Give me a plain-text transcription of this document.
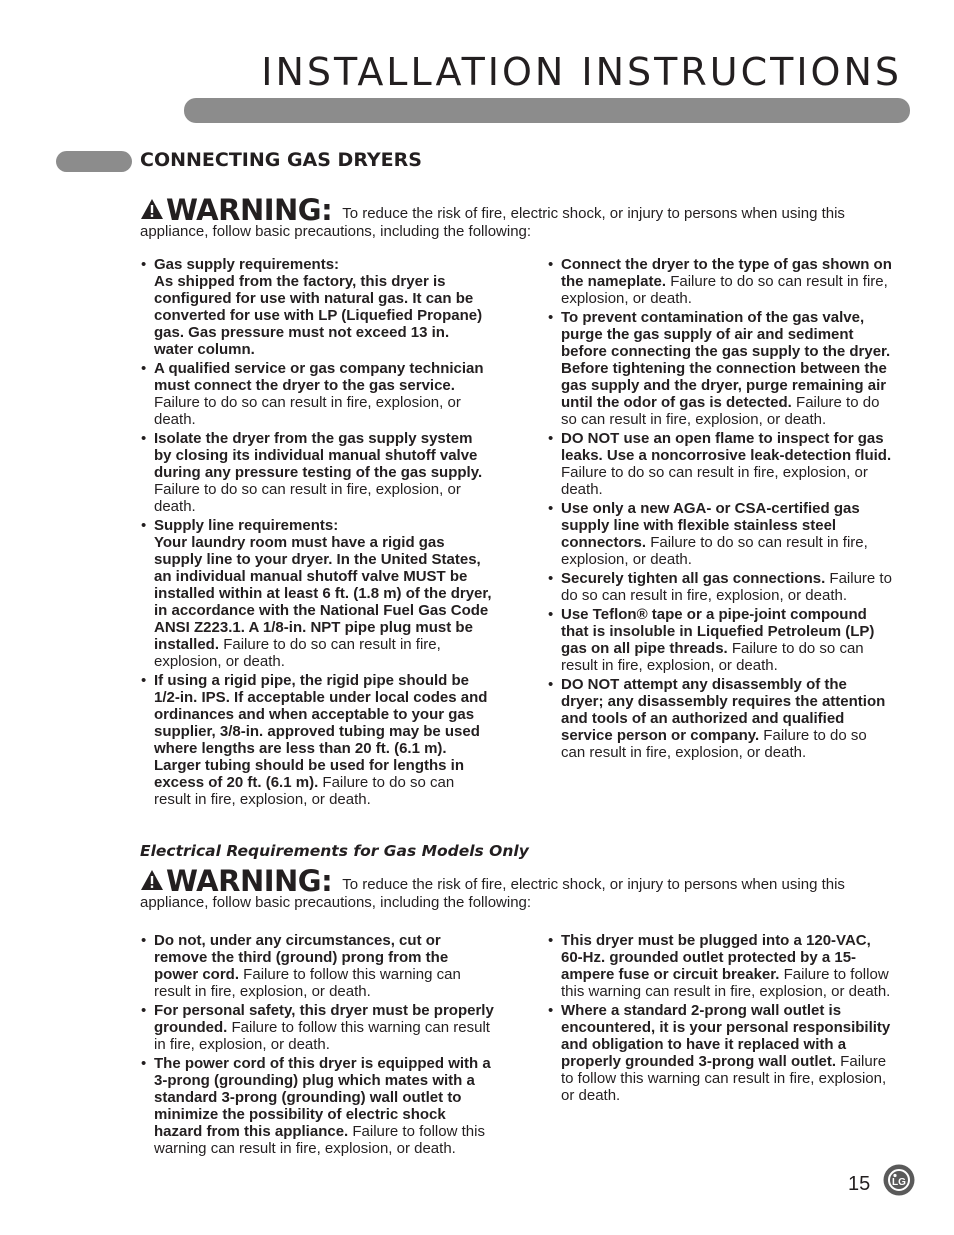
INSTALLATION INSTRUCTIONS
CONNECTING GAS DRYERS
WARNING: To reduce the risk of fire, electric shock, or injury to persons when using this
appliance, follow basic precautions, including the following:
• Gas supply requirements:
As shipped from the factory, this dryer is configured for use with natural gas. It can be converted for use with LP (Liquefied Propane) gas. Gas pressure must not exceed 13 in. water column.
• A qualified service or gas company technician must connect the dryer to the gas service. Failure to do so can result in fire, explosion, or death.
• Isolate the dryer from the gas supply system by closing its individual manual shutoff valve during any pressure testing of the gas supply. Failure to do so can result in fire, explosion, or death.
• Supply line requirements:
Your laundry room must have a rigid gas supply line to your dryer. In the United States, an individual manual shutoff valve MUST be installed within at least 6 ft. (1.8 m) of the dryer, in accordance with the National Fuel Gas Code ANSI Z223.1. A 1/8-in. NPT pipe plug must be installed. Failure to do so can result in fire, explosion, or death.
• If using a rigid pipe, the rigid pipe should be 1/2-in. IPS. If acceptable under local codes and ordinances and when acceptable to your gas supplier, 3/8-in. approved tubing may be used where lengths are less than 20 ft. (6.1 m). Larger tubing should be used for lengths in excess of 20 ft. (6.1 m). Failure to do so can result in fire, explosion, or death.
• Connect the dryer to the type of gas shown on the nameplate. Failure to do so can result in fire, explosion, or death.
• To prevent contamination of the gas valve, purge the gas supply of air and sediment before connecting the gas supply to the dryer. Before tightening the connection between the gas supply and the dryer, purge remaining air until the odor of gas is detected. Failure to do so can result in fire, explosion, or death.
• DO NOT use an open flame to inspect for gas leaks. Use a noncorrosive leak-detection fluid. Failure to do so can result in fire, explosion, or death.
• Use only a new AGA- or CSA-certified gas supply line with flexible stainless steel connectors. Failure to do so can result in fire, explosion, or death.
• Securely tighten all gas connections. Failure to do so can result in fire, explosion, or death.
• Use Teflon® tape or a pipe-joint compound that is insoluble in Liquefied Petroleum (LP) gas on all pipe threads. Failure to do so can result in fire, explosion, or death.
• DO NOT attempt any disassembly of the dryer; any disassembly requires the attention and tools of an authorized and qualified service person or company. Failure to do so can result in fire, explosion, or death.
Electrical Requirements for Gas Models Only
WARNING: To reduce the risk of fire, electric shock, or injury to persons when using this
appliance, follow basic precautions, including the following:
• Do not, under any circumstances, cut or remove the third (ground) prong from the power cord. Failure to follow this warning can result in fire, explosion, or death.
• For personal safety, this dryer must be properly grounded. Failure to follow this warning can result in fire, explosion, or death.
• The power cord of this dryer is equipped with a 3-prong (grounding) plug which mates with a standard 3-prong (grounding) wall outlet to minimize the possibility of electric shock hazard from this appliance. Failure to follow this warning can result in fire, explosion, or death.
• This dryer must be plugged into a 120-VAC, 60-Hz. grounded outlet protected by a 15-ampere fuse or circuit breaker. Failure to follow this warning can result in fire, explosion, or death.
• Where a standard 2-prong wall outlet is encountered, it is your personal responsibility and obligation to have it replaced with a properly grounded 3-prong wall outlet. Failure to follow this warning can result in fire, explosion, or death.
15 LG
